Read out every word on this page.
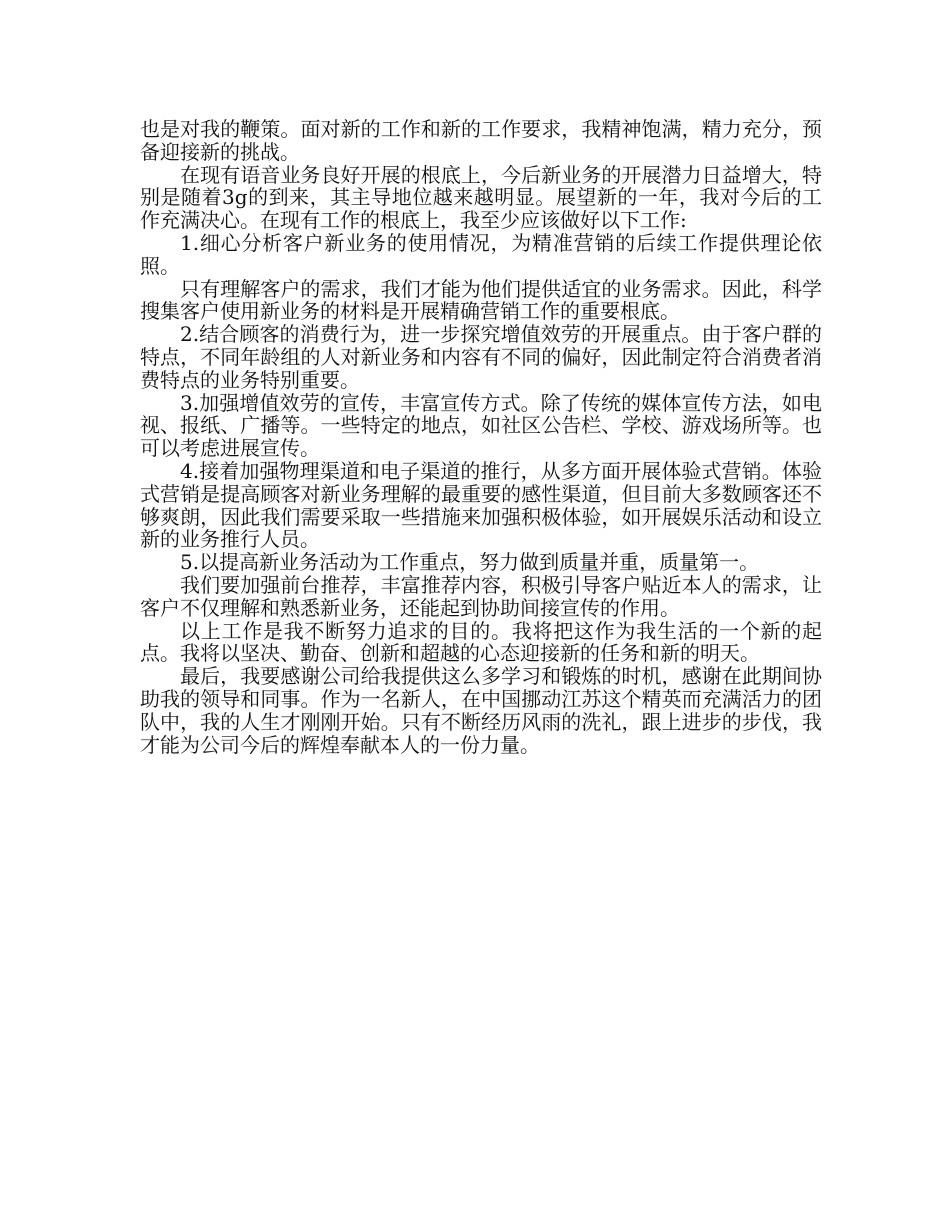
也是对我的鞭策。面对新的工作和新的工作要求，我精神饱满，精力充分，预备迎接新的挑战。

在现有语音业务良好开展的根底上，今后新业务的开展潜力日益增大，特别是随着3g的到来，其主导地位越来越明显。展望新的一年，我对今后的工作充满决心。在现有工作的根底上，我至少应该做好以下工作:

1.细心分析客户新业务的使用情况，为精准营销的后续工作提供理论依照。

只有理解客户的需求，我们才能为他们提供适宜的业务需求。因此，科学搜集客户使用新业务的材料是开展精确营销工作的重要根底。

2.结合顾客的消费行为，进一步探究增值效劳的开展重点。由于客户群的特点，不同年龄组的人对新业务和内容有不同的偏好，因此制定符合消费者消费特点的业务特别重要。

3.加强增值效劳的宣传，丰富宣传方式。除了传统的媒体宣传方法，如电视、报纸、广播等。一些特定的地点，如社区公告栏、学校、游戏场所等。也可以考虑进展宣传。

4.接着加强物理渠道和电子渠道的推行，从多方面开展体验式营销。体验式营销是提高顾客对新业务理解的最重要的感性渠道，但目前大多数顾客还不够爽朗，因此我们需要采取一些措施来加强积极体验，如开展娱乐活动和设立新的业务推行人员。

5.以提高新业务活动为工作重点，努力做到质量并重，质量第一。

我们要加强前台推荐，丰富推荐内容，积极引导客户贴近本人的需求，让客户不仅理解和熟悉新业务，还能起到协助间接宣传的作用。

以上工作是我不断努力追求的目的。我将把这作为我生活的一个新的起点。我将以坚决、勤奋、创新和超越的心态迎接新的任务和新的明天。

最后，我要感谢公司给我提供这么多学习和锻炼的时机，感谢在此期间协助我的领导和同事。作为一名新人，在中国挪动江苏这个精英而充满活力的团队中，我的人生才刚刚开始。只有不断经历风雨的洗礼，跟上进步的步伐，我才能为公司今后的辉煌奉献本人的一份力量。
